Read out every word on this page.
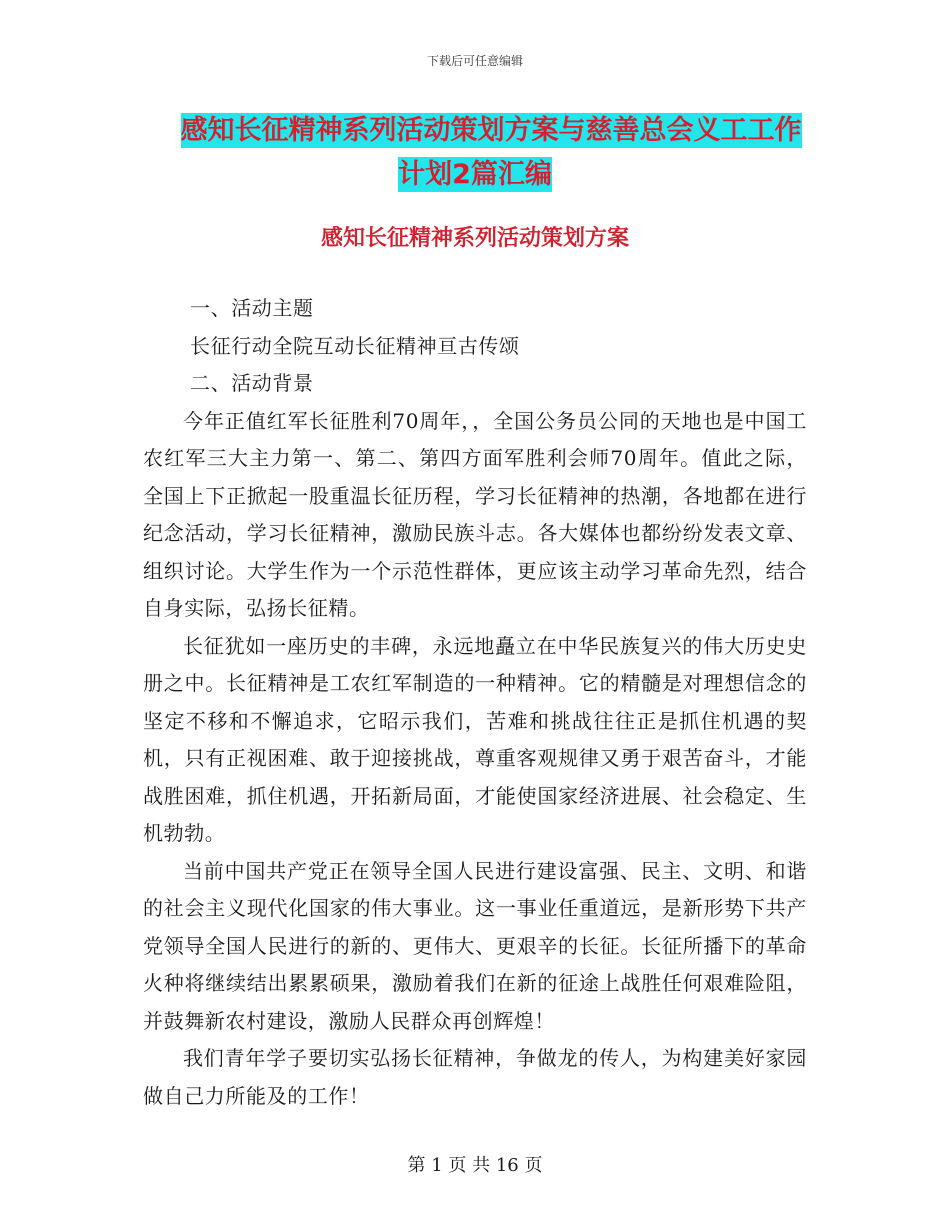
下载后可任意编辑
感知长征精神系列活动策划方案与慈善总会义工工作
计划2篇汇编
感知长征精神系列活动策划方案

一、活动主题

长征行动全院互动长征精神亘古传颂

二、活动背景

今年正值红军长征胜利70周年，，全国公务员公同的天地也是中国工农红军三大主力第一、第二、第四方面军胜利会师70周年。值此之际，全国上下正掀起一股重温长征历程，学习长征精神的热潮，各地都在进行纪念活动，学习长征精神，激励民族斗志。各大媒体也都纷纷发表文章、组织讨论。大学生作为一个示范性群体，更应该主动学习革命先烈，结合自身实际，弘扬长征精。

长征犹如一座历史的丰碑，永远地矗立在中华民族复兴的伟大历史史册之中。长征精神是工农红军制造的一种精神。它的精髓是对理想信念的坚定不移和不懈追求，它昭示我们，苦难和挑战往往正是抓住机遇的契机，只有正视困难、敢于迎接挑战，尊重客观规律又勇于艰苦奋斗，才能战胜困难，抓住机遇，开拓新局面，才能使国家经济进展、社会稳定、生机勃勃。

当前中国共产党正在领导全国人民进行建设富强、民主、文明、和谐的社会主义现代化国家的伟大事业。这一事业任重道远，是新形势下共产党领导全国人民进行的新的、更伟大、更艰辛的长征。长征所播下的革命火种将继续结出累累硕果，激励着我们在新的征途上战胜任何艰难险阻，并鼓舞新农村建设，激励人民群众再创辉煌！

我们青年学子要切实弘扬长征精神，争做龙的传人，为构建美好家园做自己力所能及的工作！

第 1 页 共 16 页
